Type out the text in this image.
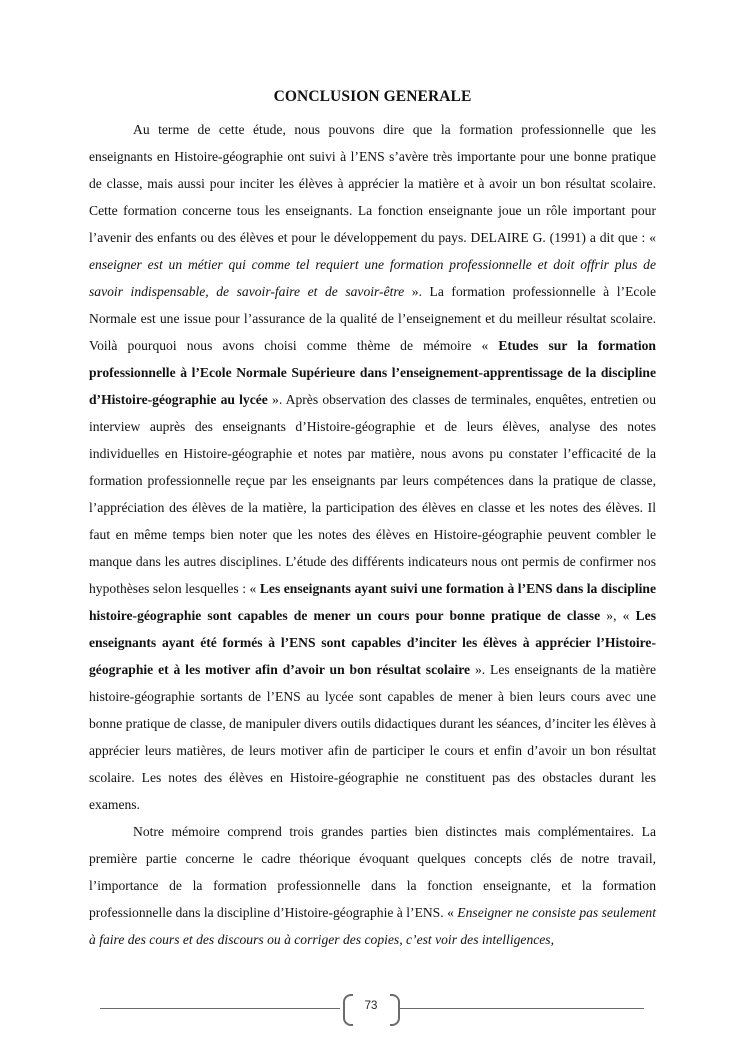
CONCLUSION GENERALE

Au terme de cette étude, nous pouvons dire que la formation professionnelle que les enseignants en Histoire-géographie ont suivi à l’ENS s’avère très importante pour une bonne pratique de classe, mais aussi pour inciter les élèves à apprécier la matière et à avoir un bon résultat scolaire. Cette formation concerne tous les enseignants. La fonction enseignante joue un rôle important pour l’avenir des enfants ou des élèves et pour le développement du pays. DELAIRE G. (1991) a dit que : « enseigner est un métier qui comme tel requiert une formation professionnelle et doit offrir plus de savoir indispensable, de savoir-faire et de savoir-être ». La formation professionnelle à l’Ecole Normale est une issue pour l’assurance de la qualité de l’enseignement et du meilleur résultat scolaire. Voilà pourquoi nous avons choisi comme thème de mémoire « Etudes sur la formation professionnelle à l’Ecole Normale Supérieure dans l’enseignement-apprentissage de la discipline d’Histoire-géographie au lycée ». Après observation des classes de terminales, enquêtes, entretien ou interview auprès des enseignants d’Histoire-géographie et de leurs élèves, analyse des notes individuelles en Histoire-géographie et notes par matière, nous avons pu constater l’efficacité de la formation professionnelle reçue par les enseignants par leurs compétences dans la pratique de classe, l’appréciation des élèves de la matière, la participation des élèves en classe et les notes des élèves. Il faut en même temps bien noter que les notes des élèves en Histoire-géographie peuvent combler le manque dans les autres disciplines. L’étude des différents indicateurs nous ont permis de confirmer nos hypothèses selon lesquelles : « Les enseignants ayant suivi une formation à l’ENS dans la discipline histoire-géographie sont capables de mener un cours pour bonne pratique de classe », « Les enseignants ayant été formés à l’ENS sont capables d’inciter les élèves à apprécier l’Histoire-géographie et à les motiver afin d’avoir un bon résultat scolaire ». Les enseignants de la matière histoire-géographie sortants de l’ENS au lycée sont capables de mener à bien leurs cours avec une bonne pratique de classe, de manipuler divers outils didactiques durant les séances, d’inciter les élèves à apprécier leurs matières, de leurs motiver afin de participer le cours et enfin d’avoir un bon résultat scolaire. Les notes des élèves en Histoire-géographie ne constituent pas des obstacles durant les examens.

Notre mémoire comprend trois grandes parties bien distinctes mais complémentaires. La première partie concerne le cadre théorique évoquant quelques concepts clés de notre travail, l’importance de la formation professionnelle dans la fonction enseignante, et la formation professionnelle dans la discipline d’Histoire-géographie à l’ENS. « Enseigner ne consiste pas seulement à faire des cours et des discours ou à corriger des copies, c’est voir des intelligences,

73
